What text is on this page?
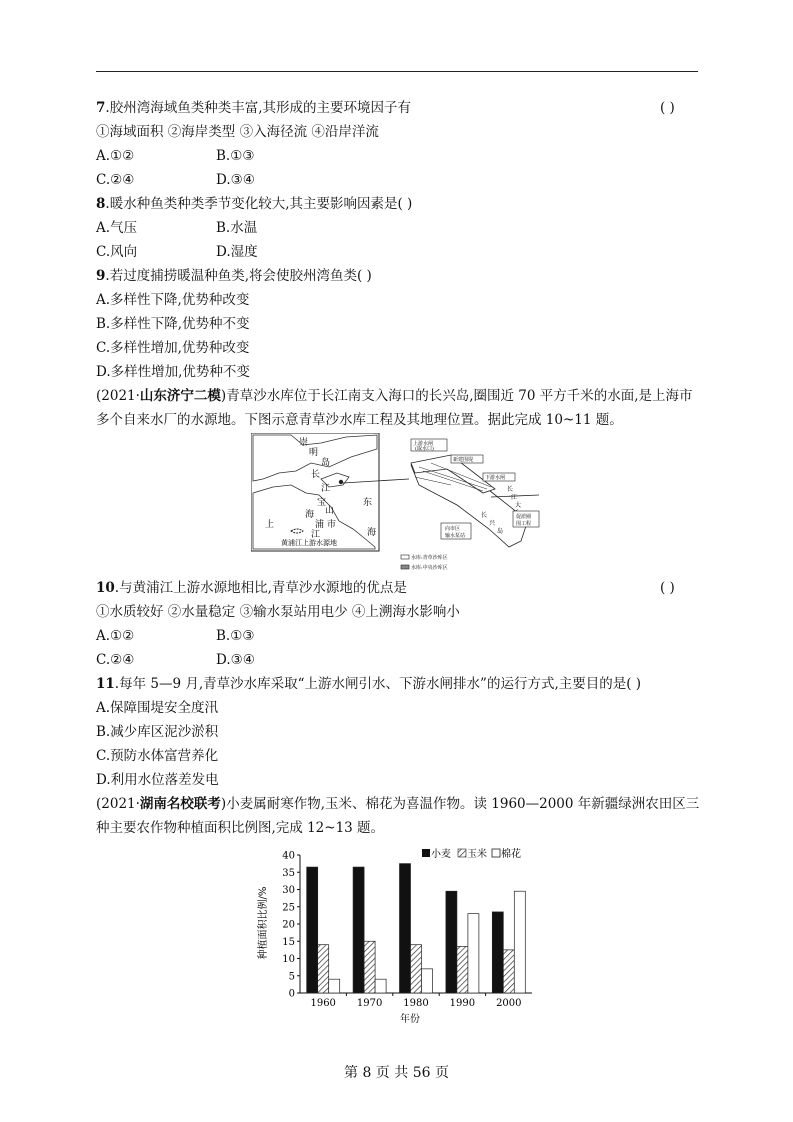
7.胶州湾海域鱼类种类丰富,其形成的主要环境因子有	( )
①海域面积 ②海岸类型 ③入海径流 ④沿岸洋流
A.①②	B.①③
C.②④	D.③④
8.暖水种鱼类种类季节变化较大,其主要影响因素是( )
A.气压	B.水温
C.风向	D.湿度
9.若过度捕捞暖温种鱼类,将会使胶州湾鱼类( )
A.多样性下降,优势种改变
B.多样性下降,优势种不变
C.多样性增加,优势种改变
D.多样性增加,优势种不变
(2021·山东济宁二模)青草沙水库位于长江南支入海口的长兴岛,圈围近 70 平方千米的水面,是上海市
多个自来水厂的水源地。下图示意青草沙水库工程及其地理位置。据此完成 10~11 题。
崇
明
岛
长
江
宝
山
东
海
上
海
市
浦
江
黄浦江上游水源地
上游水闸
(取水口)
新建围堤
下游水闸
长
江
大
长
兴
岛
向市区
输水泵站
促淤圈
围工程
水库:青草沙库区
水库:中央沙库区
10.与黄浦江上游水源地相比,青草沙水源地的优点是	( )
①水质较好 ②水量稳定 ③输水泵站用电少 ④上溯海水影响小
A.①②	B.①③
C.②④	D.③④
11.每年 5—9 月,青草沙水库采取“上游水闸引水、下游水闸排水”的运行方式,主要目的是( )
A.保障围堤安全度汛
B.减少库区泥沙淤积
C.预防水体富营养化
D.利用水位落差发电
(2021·湖南名校联考)小麦属耐寒作物,玉米、棉花为喜温作物。读 1960—2000 年新疆绿洲农田区三
种主要农作物种植面积比例图,完成 12~13 题。
0
5
10
15
20
25
30
35
40
1960 1970 1980 1990 2000
种植面积比例/%
年份
小麦 玉米 棉花
第 8 页 共 56 页
